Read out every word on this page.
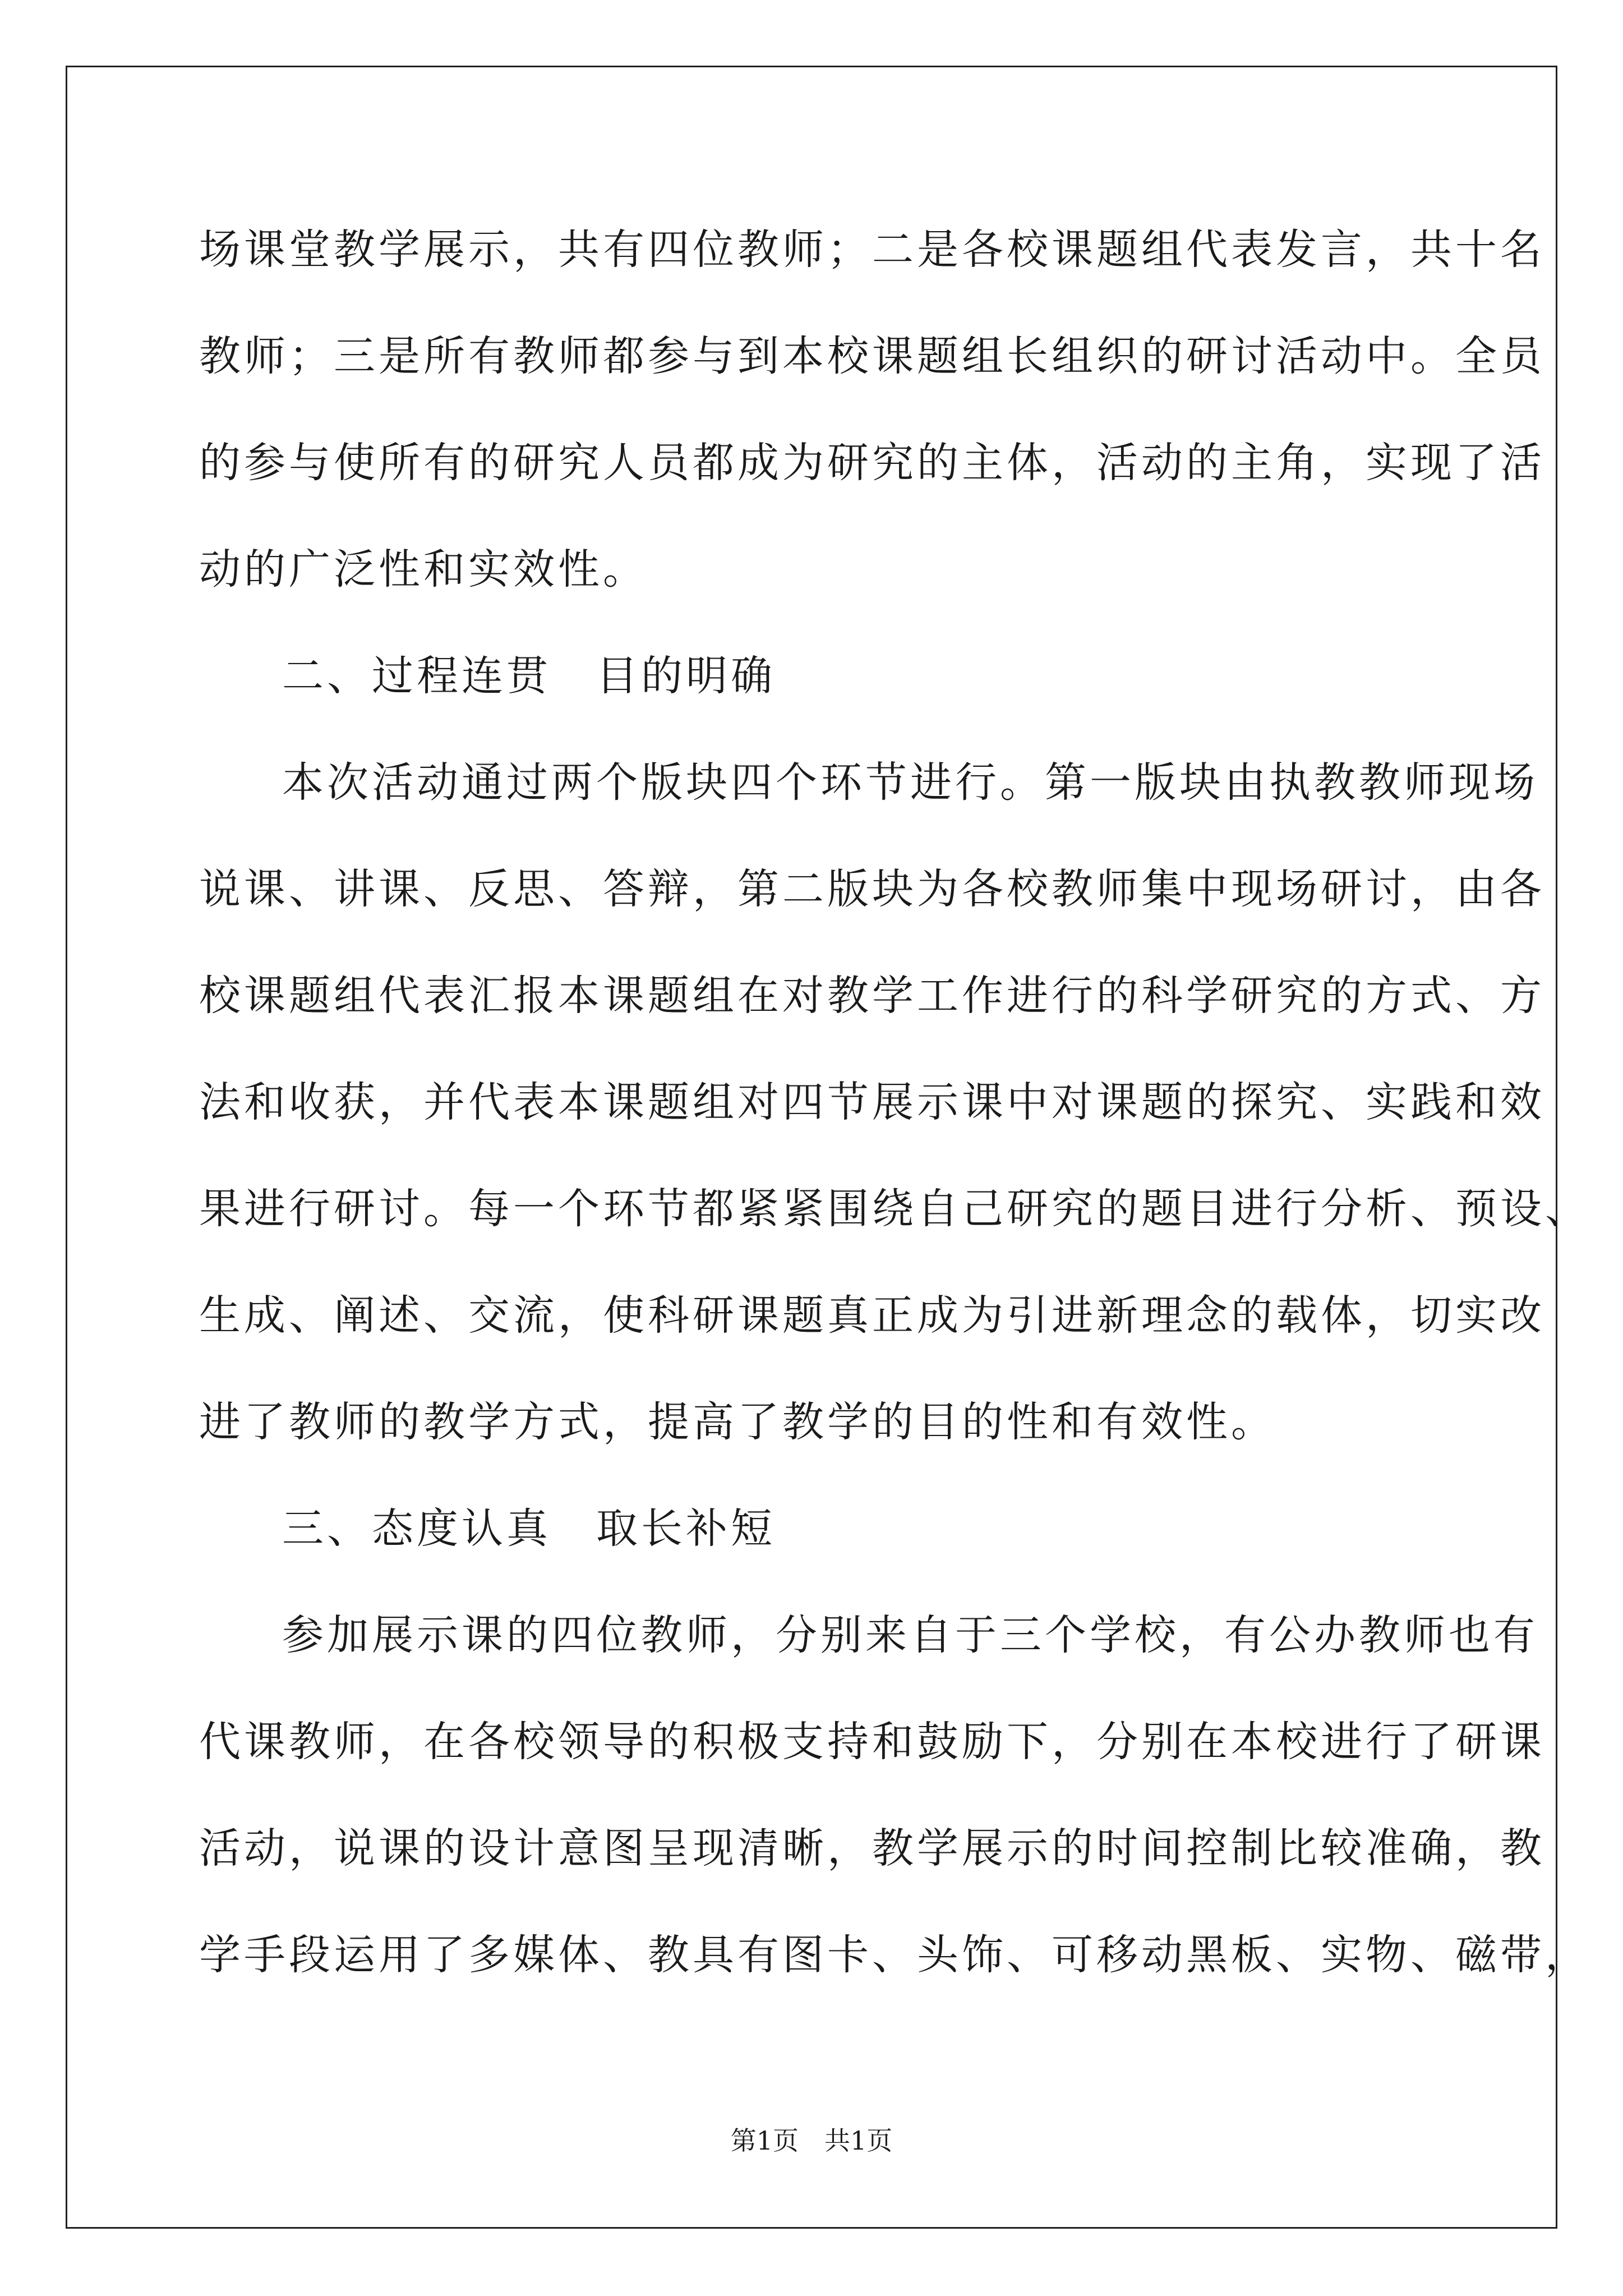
场课堂教学展示，共有四位教师；二是各校课题组代表发言，共十名
教师；三是所有教师都参与到本校课题组长组织的研讨活动中。全员
的参与使所有的研究人员都成为研究的主体，活动的主角，实现了活
动的广泛性和实效性。
二、过程连贯　目的明确
本次活动通过两个版块四个环节进行。第一版块由执教教师现场
说课、讲课、反思、答辩，第二版块为各校教师集中现场研讨，由各
校课题组代表汇报本课题组在对教学工作进行的科学研究的方式、方
法和收获，并代表本课题组对四节展示课中对课题的探究、实践和效
果进行研讨。每一个环节都紧紧围绕自己研究的题目进行分析、预设、
生成、阐述、交流，使科研课题真正成为引进新理念的载体，切实改
进了教师的教学方式，提高了教学的目的性和有效性。
三、态度认真　取长补短
参加展示课的四位教师，分别来自于三个学校，有公办教师也有
代课教师，在各校领导的积极支持和鼓励下，分别在本校进行了研课
活动，说课的设计意图呈现清晰，教学展示的时间控制比较准确，教
学手段运用了多媒体、教具有图卡、头饰、可移动黑板、实物、磁带，
第1页　共1页
